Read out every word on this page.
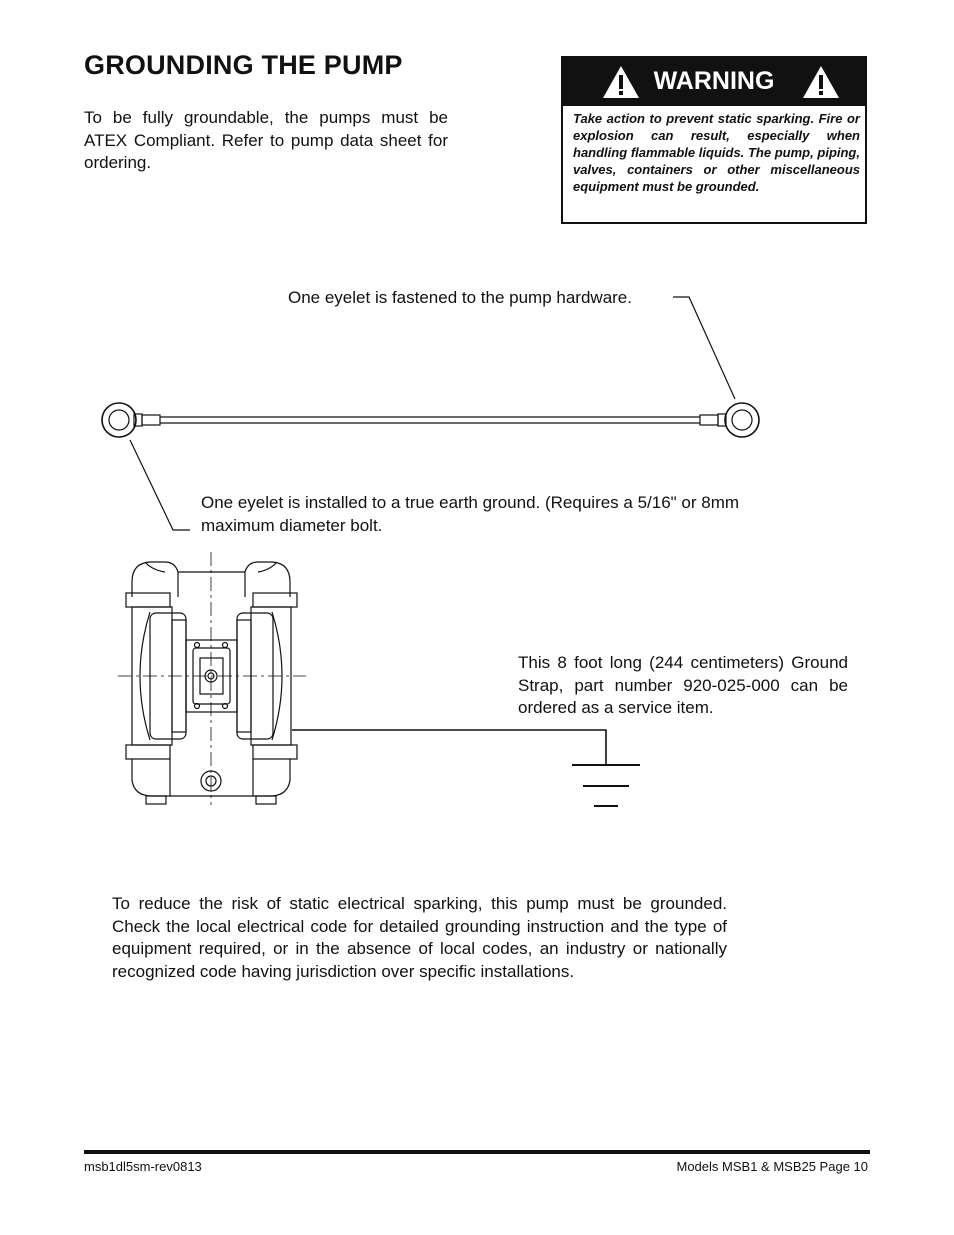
GROUNDING THE PUMP

To be fully groundable, the pumps must be ATEX Compliant. Refer to pump data sheet for ordering.

WARNING

Take action to prevent static sparking. Fire or explosion can result, especially when handling flammable liquids. The pump, piping, valves, containers or other miscellaneous equipment must be grounded.

One eyelet is fastened to the pump hardware.

One eyelet is installed to a true earth ground. (Requires a 5/16" or 8mm maximum diameter bolt.

This 8 foot long (244 centimeters) Ground Strap, part number 920-025-000 can be ordered as a service item.

To reduce the risk of static electrical sparking, this pump must be grounded. Check the local electrical code for detailed grounding instruction and the type of equipment required, or in the absence of local codes, an industry or nationally recognized code having jurisdiction over specific installations.

msb1dl5sm-rev0813	Models MSB1 & MSB25 Page 10
